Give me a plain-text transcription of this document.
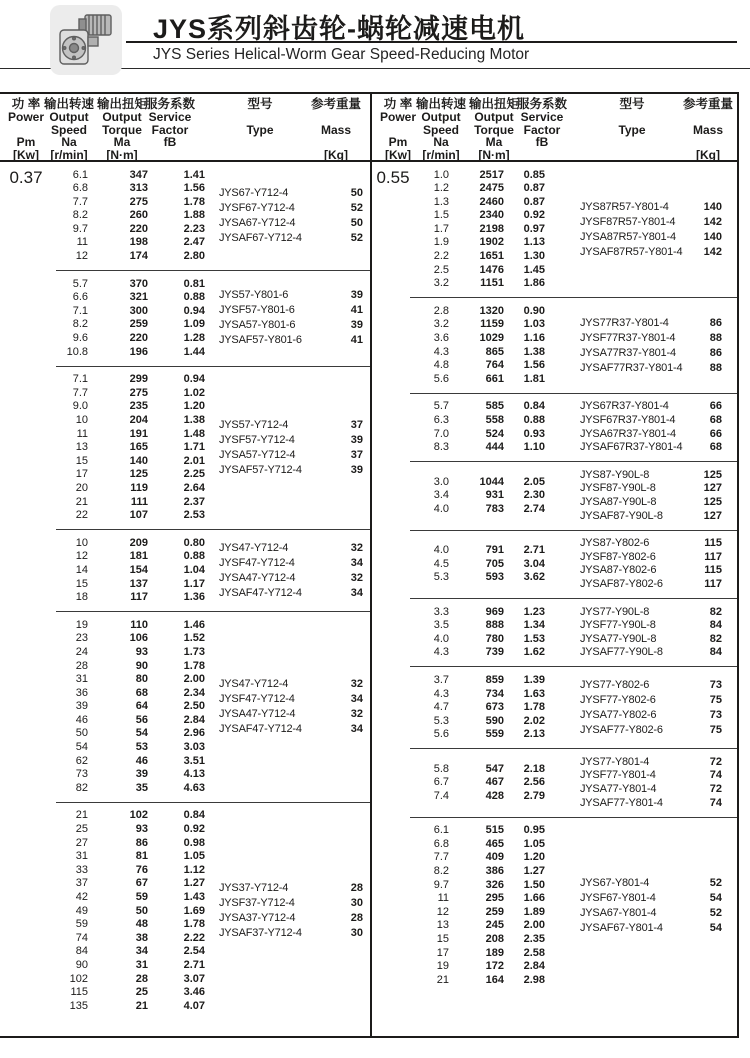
JYS系列斜齿轮-蜗轮减速电机
JYS Series Helical-Worm Gear Speed-Reducing Motor
功 率
Power
Pm
[Kw]
输出转速
Output
Speed
Na
[r/min]
输出扭矩
Output
Torque
Ma
[N·m]
服务系数
Service
Factor
fB
型号
Type
参考重量
Mass
[Kg]
0.37	6.1	347	1.41
6.8	313	1.56
7.7	275	1.78
8.2	260	1.88
9.7	220	2.23
11	198	2.47
12	174	2.80
JYS67-Y712-4	50
JYSF67-Y712-4	52
JYSA67-Y712-4	50
JYSAF67-Y712-4	52
5.7	370	0.81
6.6	321	0.88
7.1	300	0.94
8.2	259	1.09
9.6	220	1.28
10.8	196	1.44
JYS57-Y801-6	39
JYSF57-Y801-6	41
JYSA57-Y801-6	39
JYSAF57-Y801-6	41
7.1	299	0.94
7.7	275	1.02
9.0	235	1.20
10	204	1.38
11	191	1.48
13	165	1.71
15	140	2.01
17	125	2.25
20	119	2.64
21	111	2.37
22	107	2.53
JYS57-Y712-4	37
JYSF57-Y712-4	39
JYSA57-Y712-4	37
JYSAF57-Y712-4	39
10	209	0.80
12	181	0.88
14	154	1.04
15	137	1.17
18	117	1.36
JYS47-Y712-4	32
JYSF47-Y712-4	34
JYSA47-Y712-4	32
JYSAF47-Y712-4	34
19	110	1.46
23	106	1.52
24	93	1.73
28	90	1.78
31	80	2.00
36	68	2.34
39	64	2.50
46	56	2.84
50	54	2.96
54	53	3.03
62	46	3.51
73	39	4.13
82	35	4.63
JYS47-Y712-4	32
JYSF47-Y712-4	34
JYSA47-Y712-4	32
JYSAF47-Y712-4	34
21	102	0.84
25	93	0.92
27	86	0.98
31	81	1.05
33	76	1.12
37	67	1.27
42	59	1.43
49	50	1.69
59	48	1.78
74	38	2.22
84	34	2.54
90	31	2.71
102	28	3.07
115	25	3.46
135	21	4.07
JYS37-Y712-4	28
JYSF37-Y712-4	30
JYSA37-Y712-4	28
JYSAF37-Y712-4	30
功 率
Power
Pm
[Kw]
输出转速
Output
Speed
Na
[r/min]
输出扭矩
Output
Torque
Ma
[N·m]
服务系数
Service
Factor
fB
型号
Type
参考重量
Mass
[Kg]
0.55	1.0	2517	0.85
1.2	2475	0.87
1.3	2460	0.87
1.5	2340	0.92
1.7	2198	0.97
1.9	1902	1.13
2.2	1651	1.30
2.5	1476	1.45
3.2	1151	1.86
JYS87R57-Y801-4	140
JYSF87R57-Y801-4	142
JYSA87R57-Y801-4	140
JYSAF87R57-Y801-4	142
2.8	1320	0.90
3.2	1159	1.03
3.6	1029	1.16
4.3	865	1.38
4.8	764	1.56
5.6	661	1.81
JYS77R37-Y801-4	86
JYSF77R37-Y801-4	88
JYSA77R37-Y801-4	86
JYSAF77R37-Y801-4	88
5.7	585	0.84
6.3	558	0.88
7.0	524	0.93
8.3	444	1.10
JYS67R37-Y801-4	66
JYSF67R37-Y801-4	68
JYSA67R37-Y801-4	66
JYSAF67R37-Y801-4	68
3.0	1044	2.05
3.4	931	2.30
4.0	783	2.74
JYS87-Y90L-8	125
JYSF87-Y90L-8	127
JYSA87-Y90L-8	125
JYSAF87-Y90L-8	127
4.0	791	2.71
4.5	705	3.04
5.3	593	3.62
JYS87-Y802-6	115
JYSF87-Y802-6	117
JYSA87-Y802-6	115
JYSAF87-Y802-6	117
3.3	969	1.23
3.5	888	1.34
4.0	780	1.53
4.3	739	1.62
JYS77-Y90L-8	82
JYSF77-Y90L-8	84
JYSA77-Y90L-8	82
JYSAF77-Y90L-8	84
3.7	859	1.39
4.3	734	1.63
4.7	673	1.78
5.3	590	2.02
5.6	559	2.13
JYS77-Y802-6	73
JYSF77-Y802-6	75
JYSA77-Y802-6	73
JYSAF77-Y802-6	75
5.8	547	2.18
6.7	467	2.56
7.4	428	2.79
JYS77-Y801-4	72
JYSF77-Y801-4	74
JYSA77-Y801-4	72
JYSAF77-Y801-4	74
6.1	515	0.95
6.8	465	1.05
7.7	409	1.20
8.2	386	1.27
9.7	326	1.50
11	295	1.66
12	259	1.89
13	245	2.00
15	208	2.35
17	189	2.58
19	172	2.84
21	164	2.98
JYS67-Y801-4	52
JYSF67-Y801-4	54
JYSA67-Y801-4	52
JYSAF67-Y801-4	54
